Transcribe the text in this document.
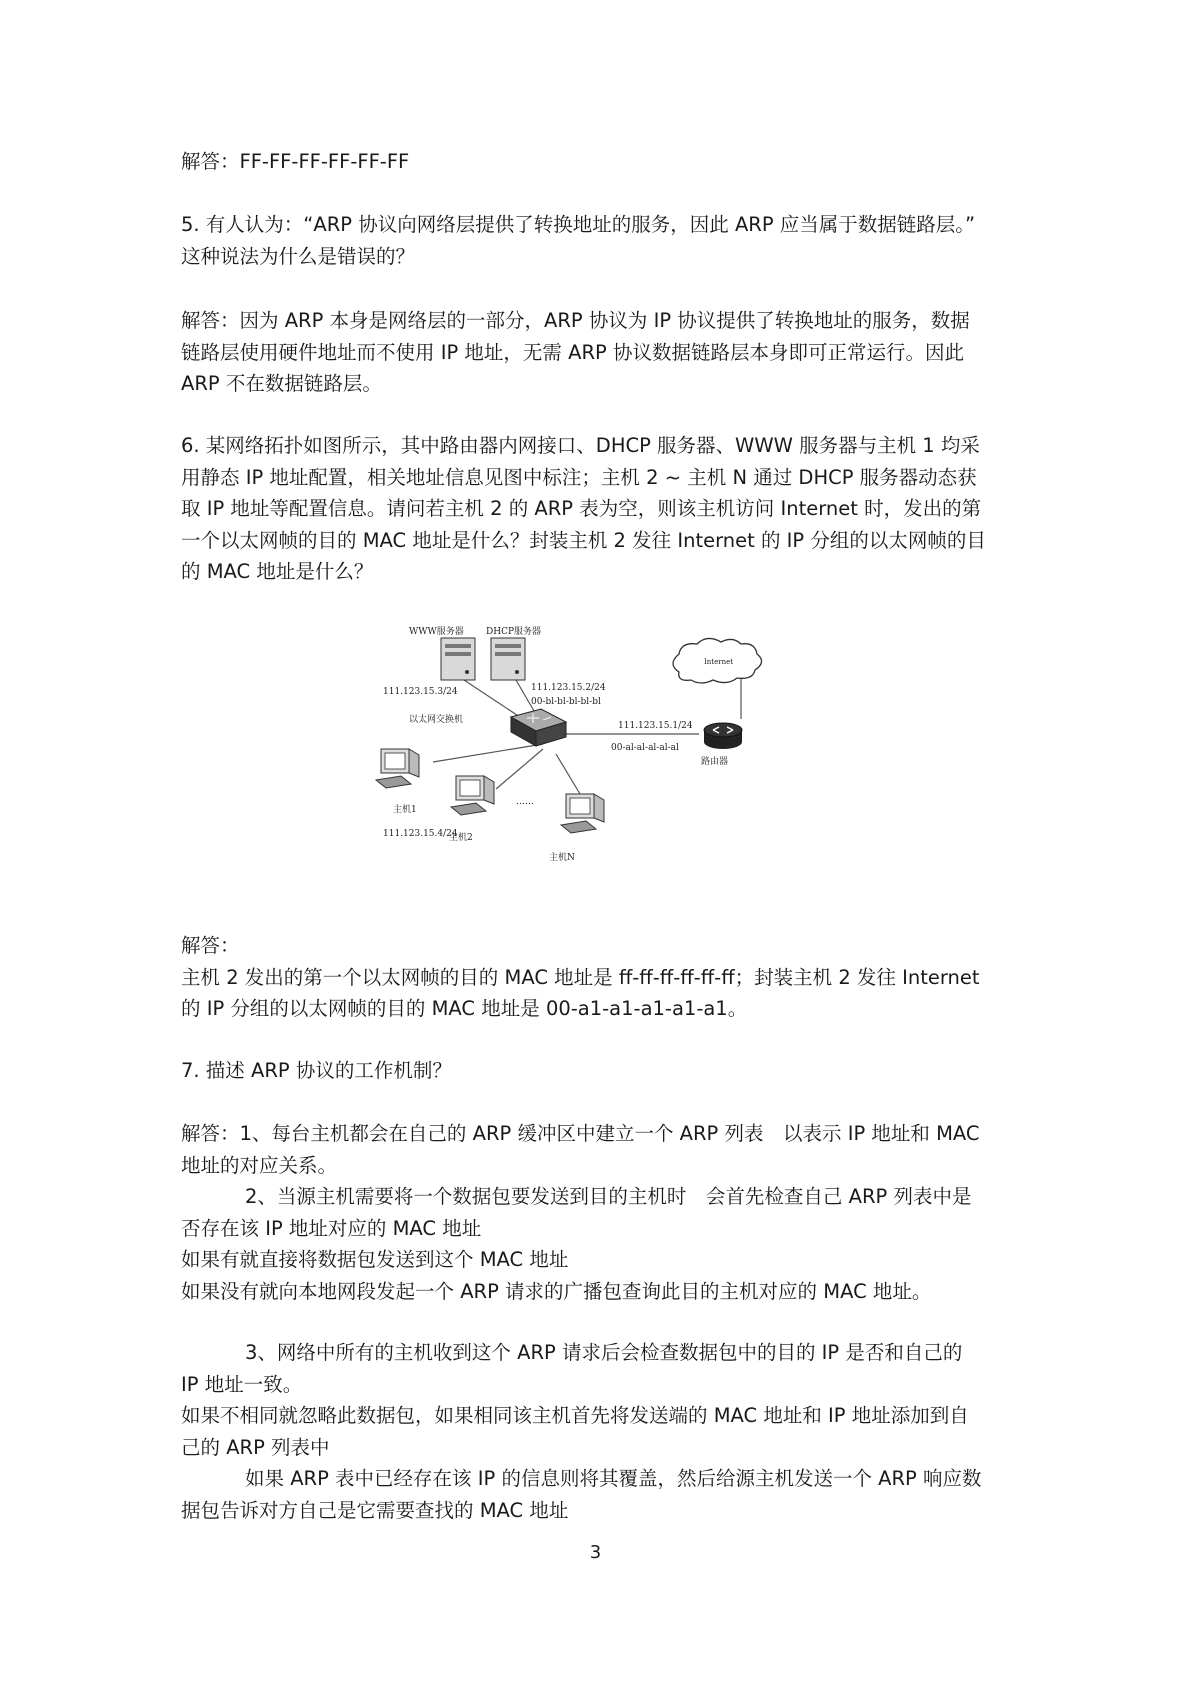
解答：FF-FF-FF-FF-FF-FF

5. 有人认为：“ARP 协议向网络层提供了转换地址的服务，因此 ARP 应当属于数据链路层。”
这种说法为什么是错误的？

解答：因为 ARP 本身是网络层的一部分，ARP 协议为 IP 协议提供了转换地址的服务，数据
链路层使用硬件地址而不使用 IP 地址，无需 ARP 协议数据链路层本身即可正常运行。因此
ARP 不在数据链路层。

6. 某网络拓扑如图所示，其中路由器内网接口、DHCP 服务器、WWW 服务器与主机 1 均采
用静态 IP 地址配置，相关地址信息见图中标注；主机 2 ~ 主机 N 通过 DHCP 服务器动态获
取 IP 地址等配置信息。请问若主机 2 的 ARP 表为空，则该主机访问 Internet 时，发出的第
一个以太网帧的目的 MAC 地址是什么？封装主机 2 发往 Internet 的 IP 分组的以太网帧的目
的 MAC 地址是什么？

WWW服务器 DHCP服务器
111.123.15.3/24	111.123.15.2/24
00-bl-bl-bl-bl-bl
以太网交换机
111.123.15.1/24
00-al-al-al-al-al
路由器
Internet
主机1
111.123.15.4/24
主机2
主机N
……

解答：
主机 2 发出的第一个以太网帧的目的 MAC 地址是 ff-ff-ff-ff-ff-ff；封装主机 2 发往 Internet
的 IP 分组的以太网帧的目的 MAC 地址是 00-a1-a1-a1-a1-a1。

7. 描述 ARP 协议的工作机制？

解答：1、每台主机都会在自己的 ARP 缓冲区中建立一个 ARP 列表　以表示 IP 地址和 MAC
地址的对应关系。
2、当源主机需要将一个数据包要发送到目的主机时　会首先检查自己 ARP 列表中是
否存在该 IP 地址对应的 MAC 地址
如果有就直接将数据包发送到这个 MAC 地址
如果没有就向本地网段发起一个 ARP 请求的广播包查询此目的主机对应的 MAC 地址。

3、网络中所有的主机收到这个 ARP 请求后会检查数据包中的目的 IP 是否和自己的
IP 地址一致。
如果不相同就忽略此数据包，如果相同该主机首先将发送端的 MAC 地址和 IP 地址添加到自
己的 ARP 列表中
如果 ARP 表中已经存在该 IP 的信息则将其覆盖，然后给源主机发送一个 ARP 响应数
据包告诉对方自己是它需要查找的 MAC 地址

3
